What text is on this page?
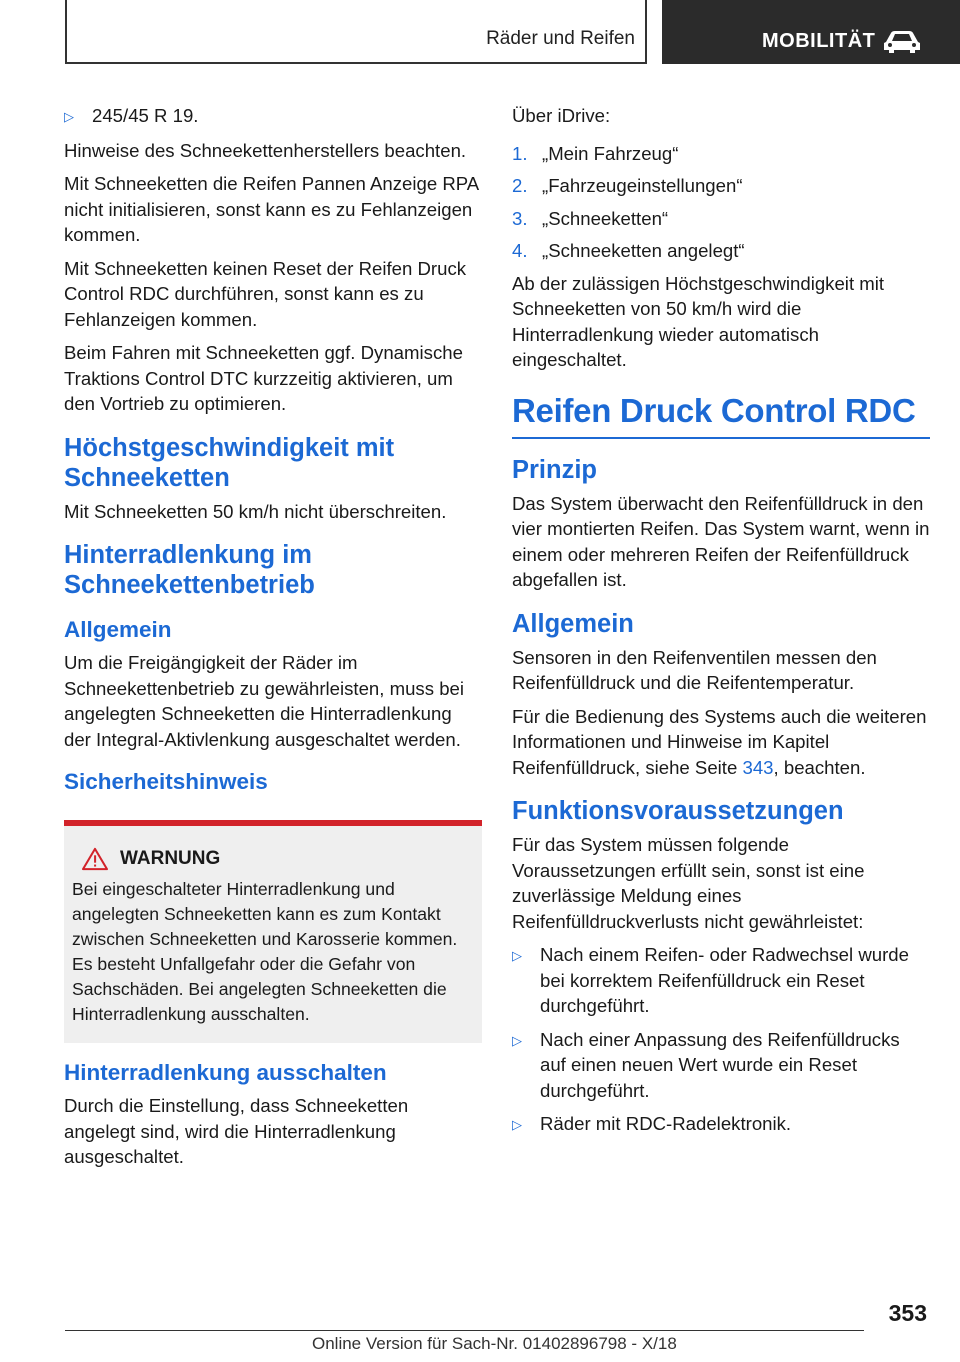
Räder und Reifen	MOBILITÄT
▷ 245/45 R 19.

Hinweise des Schneekettenherstellers beachten.

Mit Schneeketten die Reifen Pannen Anzeige RPA nicht initialisieren, sonst kann es zu Fehlanzeigen kommen.

Mit Schneeketten keinen Reset der Reifen Druck Control RDC durchführen, sonst kann es zu Fehlanzeigen kommen.

Beim Fahren mit Schneeketten ggf. Dynamische Traktions Control DTC kurzzeitig aktivieren, um den Vortrieb zu optimieren.

Höchstgeschwindigkeit mit Schneeketten

Mit Schneeketten 50 km/h nicht überschreiten.

Hinterradlenkung im Schneekettenbetrieb
Allgemein

Um die Freigängigkeit der Räder im Schneekettenbetrieb zu gewährleisten, muss bei angelegten Schneeketten die Hinterradlenkung der Integral-Aktivlenkung ausgeschaltet werden.

Sicherheitshinweis
WARNUNG
Bei eingeschalteter Hinterradlenkung und angelegten Schneeketten kann es zum Kontakt zwischen Schneeketten und Karosserie kommen. Es besteht Unfallgefahr oder die Gefahr von Sachschäden. Bei angelegten Schneeketten die Hinterradlenkung ausschalten.
Hinterradlenkung ausschalten

Durch die Einstellung, dass Schneeketten angelegt sind, wird die Hinterradlenkung ausgeschaltet.

Über iDrive:

1. „Mein Fahrzeug“
2. „Fahrzeugeinstellungen“
3. „Schneeketten“
4. „Schneeketten angelegt“

Ab der zulässigen Höchstgeschwindigkeit mit Schneeketten von 50 km/h wird die Hinterradlenkung wieder automatisch eingeschaltet.

Reifen Druck Control RDC
Prinzip

Das System überwacht den Reifenfülldruck in den vier montierten Reifen. Das System warnt, wenn in einem oder mehreren Reifen der Reifenfülldruck abgefallen ist.

Allgemein

Sensoren in den Reifenventilen messen den Reifenfülldruck und die Reifentemperatur.

Für die Bedienung des Systems auch die weiteren Informationen und Hinweise im Kapitel Reifenfülldruck, siehe Seite 343, beachten.

Funktionsvoraussetzungen

Für das System müssen folgende Voraussetzungen erfüllt sein, sonst ist eine zuverlässige Meldung eines Reifenfülldruckverlusts nicht gewährleistet:

▷ Nach einem Reifen- oder Radwechsel wurde bei korrektem Reifenfülldruck ein Reset durchgeführt.
▷ Nach einer Anpassung des Reifenfülldrucks auf einen neuen Wert wurde ein Reset durchgeführt.
▷ Räder mit RDC-Radelektronik.
353
Online Version für Sach-Nr. 01402896798 - X/18
